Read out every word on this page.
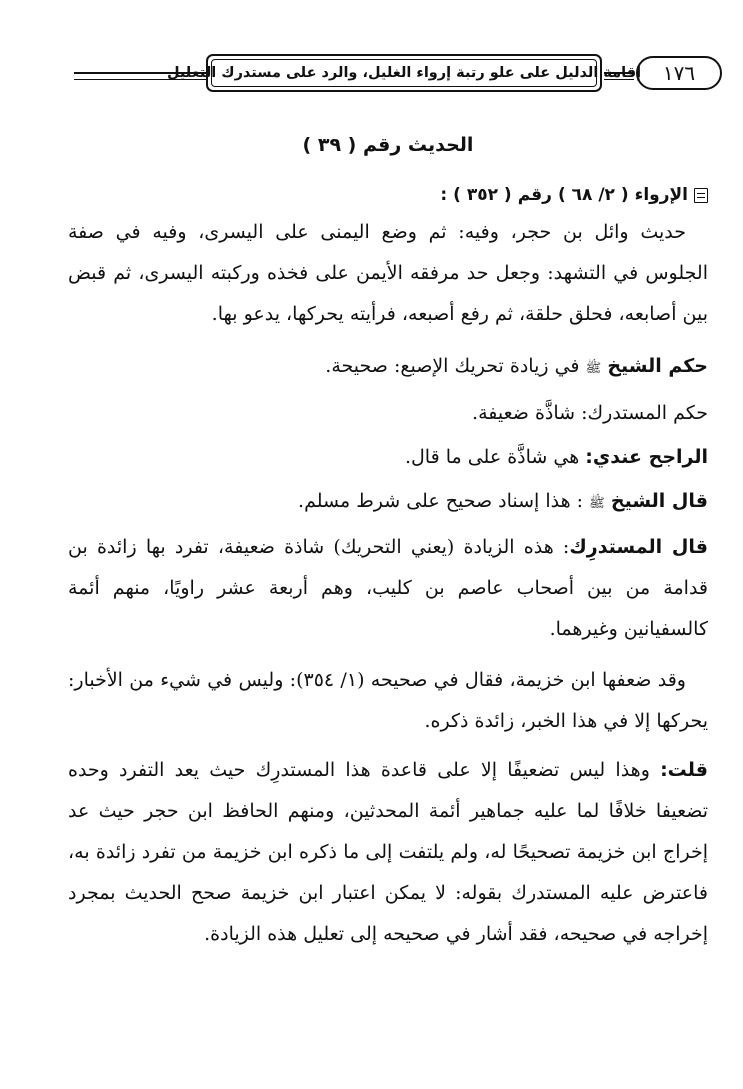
إقامة الدليل على علو رتبة إرواء الغليل، والرد على مستدرك التعليل ١٧٦
الحديث رقم ( ٣٩ )
الإرواء
( ٢/ ٦٨ )
رقم
( ٣٥٢ )
:

حديث وائل بن حجر، وفيه: ثم وضع اليمنى على اليسرى، وفيه في صفة الجلوس في التشهد: وجعل حد مرفقه الأيمن على فخذه وركبته اليسرى، ثم قبض بين أصابعه، فحلق حلقة، ثم رفع أصبعه، فرأيته يحركها، يدعو بها.

حكم الشيخ ﷺ في زيادة تحريك الإصبع: صحيحة.
حكم المستدرك: شاذَّة ضعيفة.
الراجح عندي: هي شاذَّة على ما قال.
قال الشيخ ﷺ : هذا إسناد صحيح على شرط مسلم.

قال المستدرِك: هذه الزيادة (يعني التحريك) شاذة ضعيفة، تفرد بها زائدة بن قدامة من بين أصحاب عاصم بن كليب، وهم أربعة عشر راويًا، منهم أئمة كالسفيانين وغيرهما.

وقد ضعفها ابن خزيمة، فقال في صحيحه (١/ ٣٥٤): وليس في شيء من الأخبار: يحركها إلا في هذا الخبر، زائدة ذكره.

قلت: وهذا ليس تضعيفًا إلا على قاعدة هذا المستدرِك حيث يعد التفرد وحده تضعيفا خلافًا لما عليه جماهير أئمة المحدثين، ومنهم الحافظ ابن حجر حيث عد إخراج ابن خزيمة تصحيحًا له، ولم يلتفت إلى ما ذكره ابن خزيمة من تفرد زائدة به، فاعترض عليه المستدرك بقوله: لا يمكن اعتبار ابن خزيمة صحح الحديث بمجرد إخراجه في صحيحه، فقد أشار في صحيحه إلى تعليل هذه الزيادة.
